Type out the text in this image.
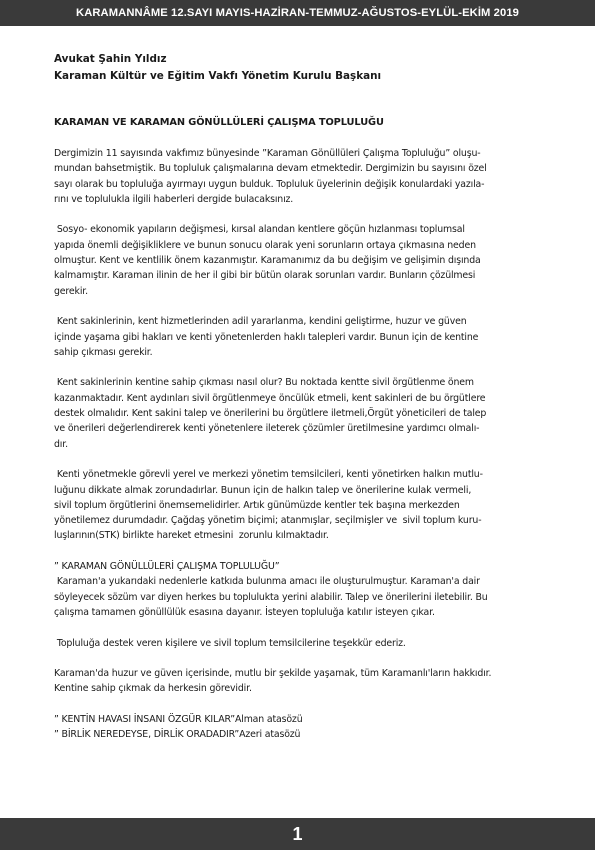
KARAMANNÂME 12.SAYI MAYIS-HAZİRAN-TEMMUZ-AĞUSTOS-EYLÜL-EKİM 2019
Avukat Şahin Yıldız
Karaman Kültür ve Eğitim Vakfı Yönetim Kurulu Başkanı
KARAMAN VE KARAMAN GÖNÜLLÜLERİ ÇALIŞMA TOPLULUĞU

Dergimizin 11 sayısında vakfımız bünyesinde ”Karaman Gönüllüleri Çalışma Topluluğu” oluşu-
mundan bahsetmiştik. Bu topluluk çalışmalarına devam etmektedir. Dergimizin bu sayısını özel
sayı olarak bu topluluğa ayırmayı uygun bulduk. Topluluk üyelerinin değişik konulardaki yazıla-
rını ve toplulukla ilgili haberleri dergide bulacaksınız.

Sosyo- ekonomik yapıların değişmesi, kırsal alandan kentlere göçün hızlanması toplumsal
yapıda önemli değişikliklere ve bunun sonucu olarak yeni sorunların ortaya çıkmasına neden
olmuştur. Kent ve kentlilik önem kazanmıştır. Karamanımız da bu değişim ve gelişimin dışında
kalmamıştır. Karaman ilinin de her il gibi bir bütün olarak sorunları vardır. Bunların çözülmesi
gerekir.

Kent sakinlerinin, kent hizmetlerinden adil yararlanma, kendini geliştirme, huzur ve güven
içinde yaşama gibi hakları ve kenti yönetenlerden haklı talepleri vardır. Bunun için de kentine
sahip çıkması gerekir.

Kent sakinlerinin kentine sahip çıkması nasıl olur? Bu noktada kentte sivil örgütlenme önem
kazanmaktadır. Kent aydınları sivil örgütlenmeye öncülük etmeli, kent sakinleri de bu örgütlere
destek olmalıdır. Kent sakini talep ve önerilerini bu örgütlere iletmeli,Örgüt yöneticileri de talep
ve önerileri değerlendirerek kenti yönetenlere ileterek çözümler üretilmesine yardımcı olmalı-
dır.

Kenti yönetmekle görevli yerel ve merkezi yönetim temsilcileri, kenti yönetirken halkın mutlu-
luğunu dikkate almak zorundadırlar. Bunun için de halkın talep ve önerilerine kulak vermeli,
sivil toplum örgütlerini önemsemelidirler. Artık günümüzde kentler tek başına merkezden
yönetilemez durumdadır. Çağdaş yönetim biçimi; atanmışlar, seçilmişler ve  sivil toplum kuru-
luşlarının(STK) birlikte hareket etmesini  zorunlu kılmaktadır.

” KARAMAN GÖNÜLLÜLERİ ÇALIŞMA TOPLULUĞU”
Karaman'a yukarıdaki nedenlerle katkıda bulunma amacı ile oluşturulmuştur. Karaman'a dair
söyleyecek sözüm var diyen herkes bu toplulukta yerini alabilir. Talep ve önerilerini iletebilir. Bu
çalışma tamamen gönüllülük esasına dayanır. İsteyen topluluğa katılır isteyen çıkar.

Topluluğa destek veren kişilere ve sivil toplum temsilcilerine teşekkür ederiz.

Karaman'da huzur ve güven içerisinde, mutlu bir şekilde yaşamak, tüm Karamanlı'ların hakkıdır.
Kentine sahip çıkmak da herkesin görevidir.

” KENTİN HAVASI İNSANI ÖZGÜR KILAR”Alman atasözü

” BİRLİK NEREDEYSE, DİRLİK ORADADIR”Azeri atasözü

1
